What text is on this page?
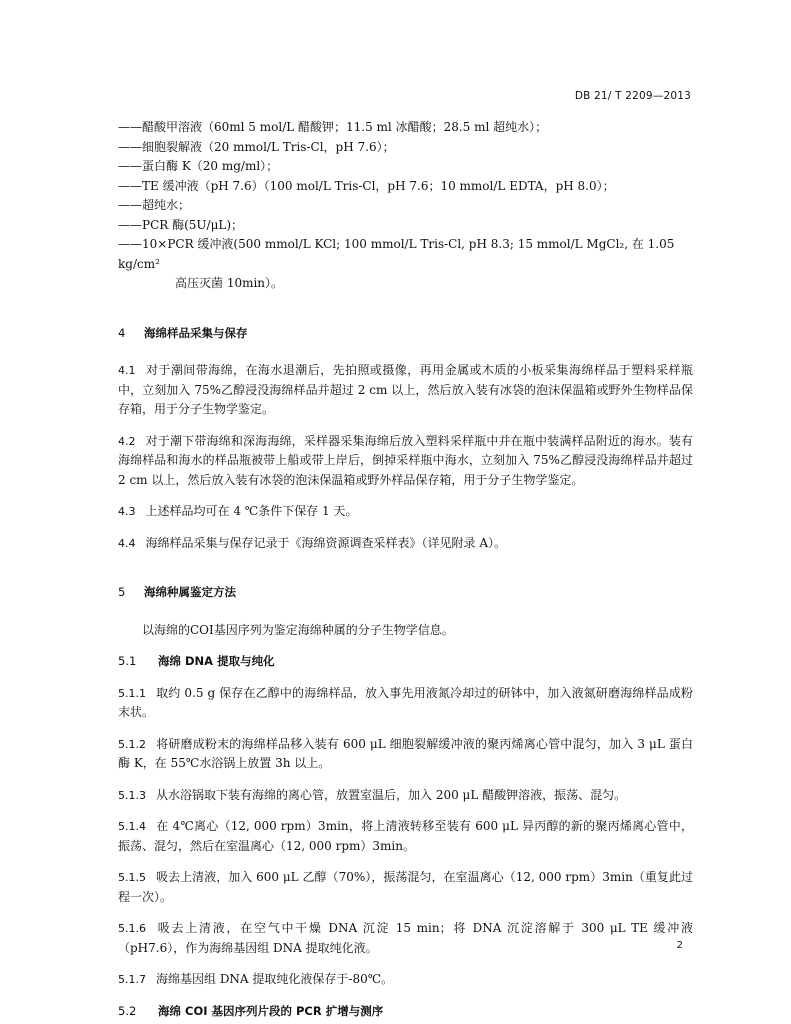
DB 21/ T 2209—2013
——醋酸甲溶液（60ml 5 mol/L 醋酸钾；11.5 ml 冰醋酸；28.5 ml 超纯水）；
——细胞裂解液（20 mmol/L Tris-Cl，pH 7.6）；
——蛋白酶 K（20 mg/ml）；
——TE 缓冲液（pH 7.6）（100 mol/L Tris-Cl，pH 7.6；10 mmol/L EDTA，pH 8.0）；
——超纯水；
——PCR 酶(5U/μL)；
——10×PCR 缓冲液(500 mmol/L KCl; 100 mmol/L Tris-Cl, pH 8.3; 15 mmol/L MgCl₂, 在 1.05 kg/cm²
高压灭菌 10min）。
4 海绵样品采集与保存
4.1 对于潮间带海绵，在海水退潮后，先拍照或摄像，再用金属或木质的小板采集海绵样品于塑料采样瓶中，立刻加入 75%乙醇浸没海绵样品并超过 2 cm 以上，然后放入装有冰袋的泡沫保温箱或野外生物样品保存箱，用于分子生物学鉴定。
4.2 对于潮下带海绵和深海海绵，采样器采集海绵后放入塑料采样瓶中并在瓶中装满样品附近的海水。装有海绵样品和海水的样品瓶被带上船或带上岸后，倒掉采样瓶中海水，立刻加入 75%乙醇浸没海绵样品并超过 2 cm 以上，然后放入装有冰袋的泡沫保温箱或野外样品保存箱，用于分子生物学鉴定。
4.3 上述样品均可在 4 ℃条件下保存 1 天。
4.4 海绵样品采集与保存记录于《海绵资源调查采样表》（详见附录 A）。
5 海绵种属鉴定方法
以海绵的COI基因序列为鉴定海绵种属的分子生物学信息。
5.1 海绵 DNA 提取与纯化
5.1.1 取约 0.5 g 保存在乙醇中的海绵样品，放入事先用液氮冷却过的研钵中，加入液氮研磨海绵样品成粉末状。
5.1.2 将研磨成粉末的海绵样品移入装有 600 μL 细胞裂解缓冲液的聚丙烯离心管中混匀，加入 3 μL 蛋白酶 K，在 55℃水浴锅上放置 3h 以上。
5.1.3 从水浴锅取下装有海绵的离心管，放置室温后，加入 200 μL 醋酸钾溶液，振荡、混匀。
5.1.4 在 4℃离心（12, 000 rpm）3min，将上清液转移至装有 600 μL 异丙醇的新的聚丙烯离心管中，振荡、混匀，然后在室温离心（12, 000 rpm）3min。
5.1.5 吸去上清液，加入 600 μL 乙醇（70%），振荡混匀，在室温离心（12, 000 rpm）3min（重复此过程一次）。
5.1.6 吸去上清液，在空气中干燥 DNA 沉淀 15 min；将 DNA 沉淀溶解于 300 μL TE 缓冲液（pH7.6），作为海绵基因组 DNA 提取纯化液。
5.1.7 海绵基因组 DNA 提取纯化液保存于-80℃。
5.2 海绵 COI 基因序列片段的 PCR 扩增与测序
2
